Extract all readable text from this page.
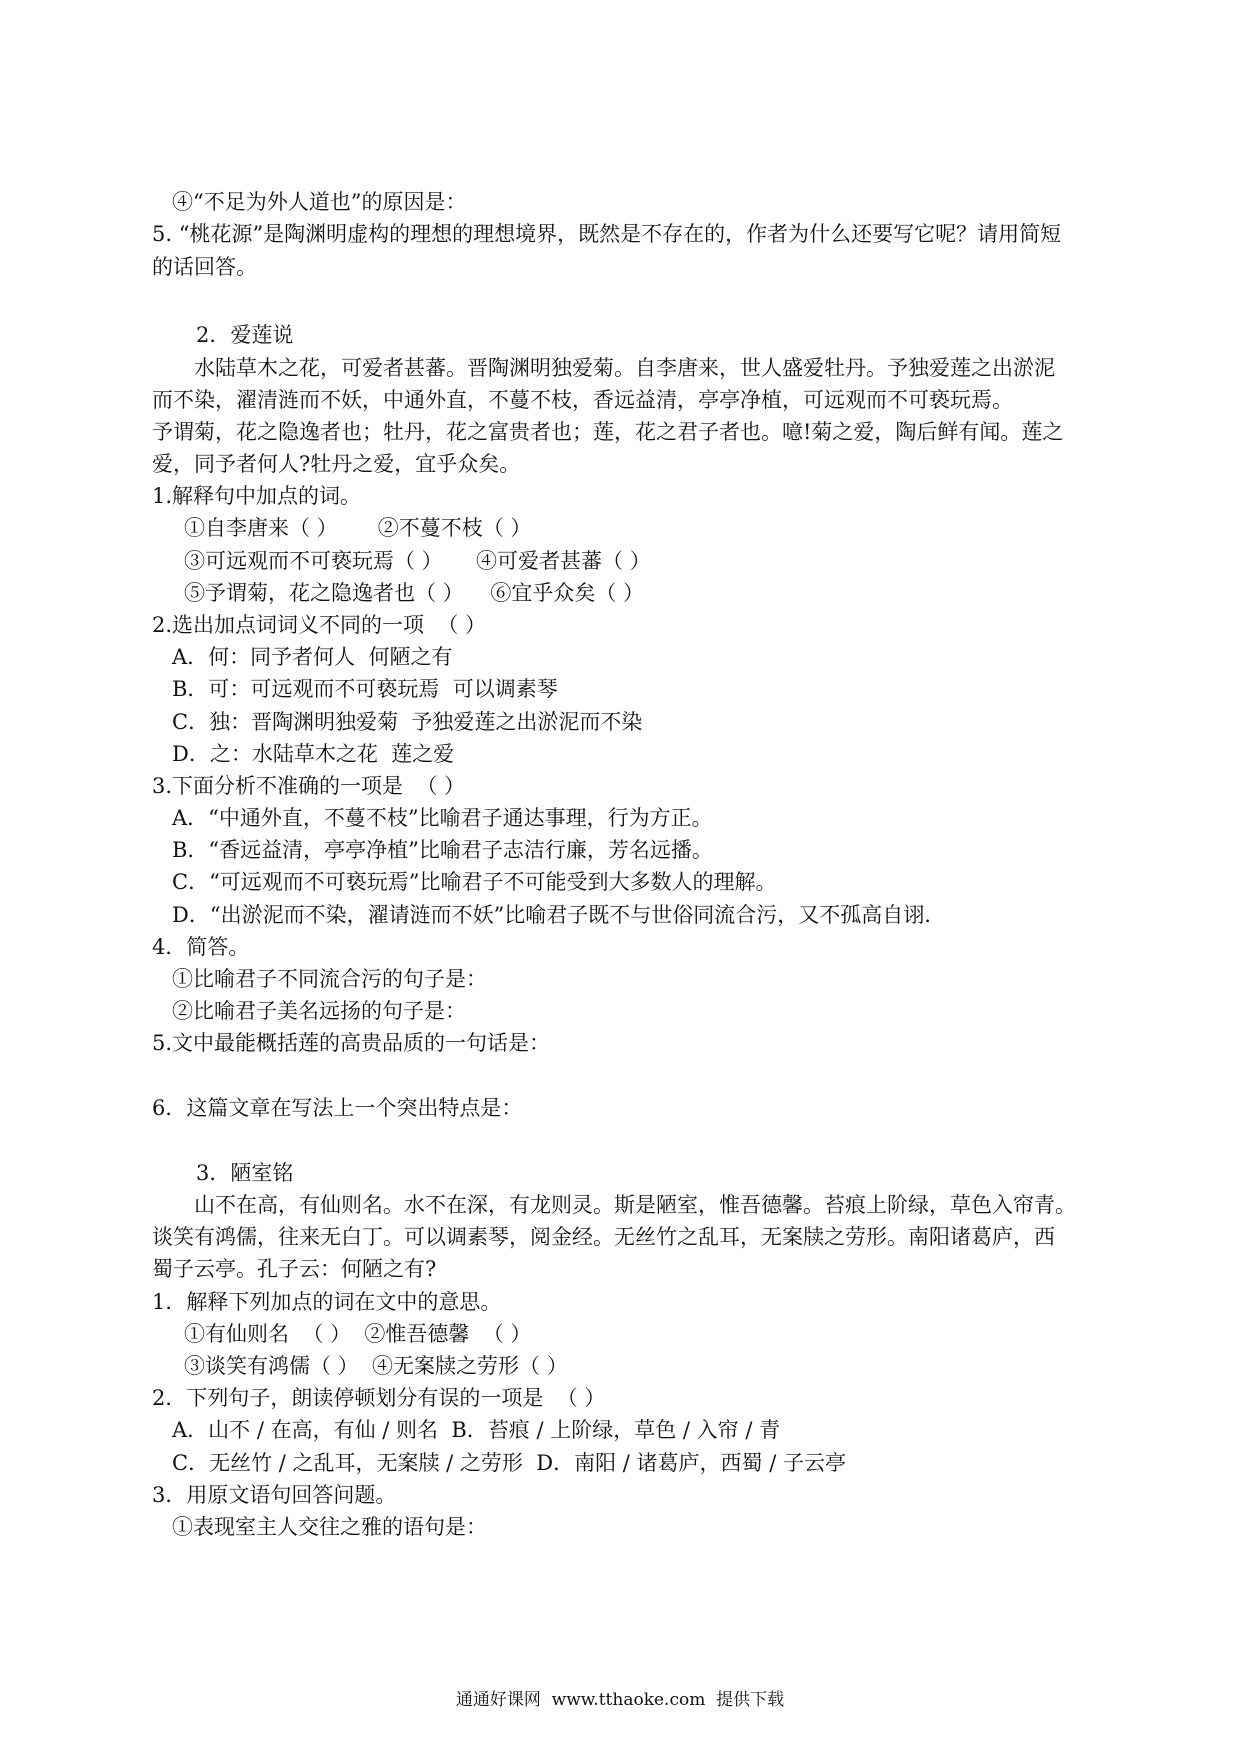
④“不足为外人道也”的原因是：
5. “桃花源”是陶渊明虚构的理想的理想境界，既然是不存在的，作者为什么还要写它呢？请用简短
的话回答。
2．爱莲说
水陆草木之花，可爱者甚蕃。晋陶渊明独爱菊。自李唐来，世人盛爱牡丹。予独爱莲之出淤泥
而不染，濯清涟而不妖，中通外直，不蔓不枝，香远益清，亭亭净植，可远观而不可亵玩焉。
予谓菊，花之隐逸者也；牡丹，花之富贵者也；莲，花之君子者也。噫!菊之爱，陶后鲜有闻。莲之
爱，同予者何人?牡丹之爱，宜乎众矣。
1.解释句中加点的词。
①自李唐来（ ）      ②不蔓不枝（ ）
③可远观而不可亵玩焉（ ）     ④可爱者甚蕃（ ）
⑤予谓菊，花之隐逸者也（ ）    ⑥宜乎众矣（ ）
2.选出加点词词义不同的一项  （ ）
A．何：同予者何人  何陋之有
B．可：可远观而不可亵玩焉  可以调素琴
C．独：晋陶渊明独爱菊  予独爱莲之出淤泥而不染
D．之：水陆草木之花  莲之爱
3.下面分析不准确的一项是  （ ）
A．“中通外直，不蔓不枝”比喻君子通达事理，行为方正。
B．“香远益清，亭亭净植”比喻君子志洁行廉，芳名远播。
C．“可远观而不可亵玩焉”比喻君子不可能受到大多数人的理解。
D．“出淤泥而不染，濯请涟而不妖”比喻君子既不与世俗同流合污，又不孤高自诩.
4．简答。
①比喻君子不同流合污的句子是：
②比喻君子美名远扬的句子是：
5.文中最能概括莲的高贵品质的一句话是：
6．这篇文章在写法上一个突出特点是：
3．陋室铭
山不在高，有仙则名。水不在深，有龙则灵。斯是陋室，惟吾德馨。苔痕上阶绿，草色入帘青。
谈笑有鸿儒，往来无白丁。可以调素琴，阅金经。无丝竹之乱耳，无案牍之劳形。南阳诸葛庐，西
蜀子云亭。孔子云：何陋之有?
1．解释下列加点的词在文中的意思。
①有仙则名  （ ）  ②惟吾德馨  （ ）
③谈笑有鸿儒（ ）  ④无案牍之劳形（ ）
2．下列句子，朗读停顿划分有误的一项是  （ ）
A．山不 / 在高，有仙 / 则名  B．苔痕 / 上阶绿，草色 / 入帘 / 青
C．无丝竹 / 之乱耳，无案牍 / 之劳形  D．南阳 / 诸葛庐，西蜀 / 子云亭
3．用原文语句回答问题。
①表现室主人交往之雅的语句是：
通通好课网  www.tthaoke.com  提供下载
